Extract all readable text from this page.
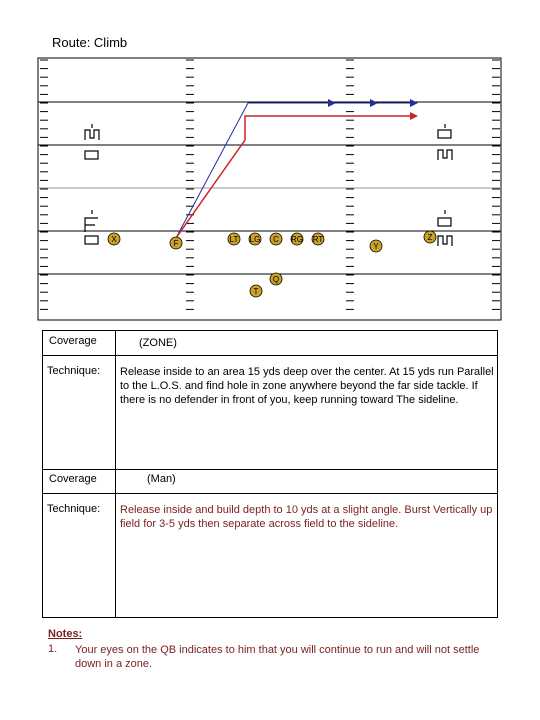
Route: Climb
X	F	LT LG C RG RT
Y
Z
Q
T
Coverage	(ZONE)
Technique: Release inside to an area 15 yds deep over the center. At 15 yds run Parallel to the L.O.S. and find hole in zone anywhere beyond the far side tackle. If there is no defender in front of you, keep running toward The sideline.
Coverage	(Man)
Technique: Release inside and build depth to 10 yds at a slight angle. Burst Vertically up field for 3-5 yds then separate across field to the sideline.
Notes:
1. Your eyes on the QB indicates to him that you will continue to run and will not settle down in a zone.
